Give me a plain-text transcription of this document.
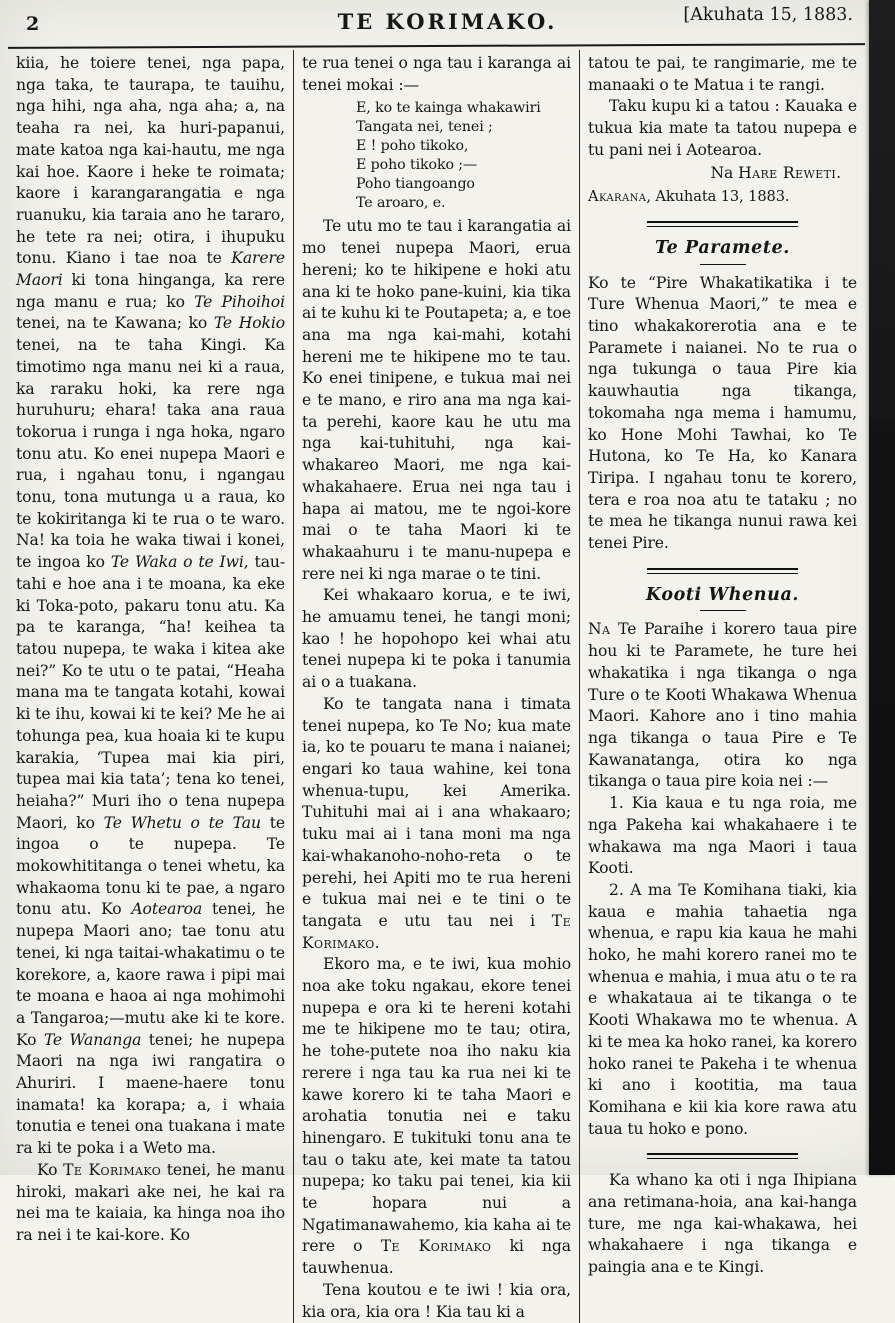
2	TE KORIMAKO.	[Akuhata 15, 1883.

kiia, he toiere tenei, nga papa, nga taka, te taurapa, te tauihu, nga hihi, nga aha, nga aha; a, na teaha ra nei, ka huri-papanui, mate katoa nga kai-hautu, me nga kai hoe. Kaore i heke te roimata; kaore i karangarangatia e nga ruanuku, kia taraia ano he tararo, he tete ra nei; otira, i ihupuku tonu. Kiano i tae noa te Karere Maori ki tona hinganga, ka rere nga manu e rua; ko Te Pihoihoi tenei, na te Kawana; ko Te Hokio tenei, na te taha Kingi. Ka timotimo nga manu nei ki a raua, ka raraku hoki, ka rere nga huruhuru; ehara! taka ana raua tokorua i runga i nga hoka, ngaro tonu atu. Ko enei nupepa Maori e rua, i ngahau tonu, i ngangau tonu, tona mutunga u a raua, ko te kokiritanga ki te rua o te waro. Na! ka toia he waka tiwai i konei, te ingoa ko Te Waka o te Iwi, tau-tahi e hoe ana i te moana, ka eke ki Toka-poto, pakaru tonu atu. Ka pa te karanga, “ha! keihea ta tatou nupepa, te waka i kitea ake nei?” Ko te utu o te patai, “Heaha mana ma te tangata kotahi, kowai ki te ihu, kowai ki te kei? Me he ai tohunga pea, kua hoaia ki te kupu karakia, ‘Tupea mai kia piri, tupea mai kia tata’; tena ko tenei, heiaha?” Muri iho o tena nupepa Maori, ko Te Whetu o te Tau te ingoa o te nupepa. Te mokowhititanga o tenei whetu, ka whakaoma tonu ki te pae, a ngaro tonu atu. Ko Aotearoa tenei, he nupepa Maori ano; tae tonu atu tenei, ki nga taitai-whakatimu o te korekore, a, kaore rawa i pipi mai te moana e haoa ai nga mohimohi a Tangaroa;—mutu ake ki te kore. Ko Te Wananga tenei; he nupepa Maori na nga iwi rangatira o Ahuriri. I maene-haere tonu inamata! ka korapa; a, i whaia tonutia e tenei ona tuakana i mate ra ki te poka i a Weto ma.

Ko Te Korimako tenei, he manu hiroki, makari ake nei, he kai ra nei ma te kaiaia, ka hinga noa iho ra nei i te kai-kore. Ko

te rua tenei o nga tau i karanga ai tenei mokai :—

E, ko te kainga whakawiri
Tangata nei, tenei ;
E ! poho tikoko,
E poho tikoko ;—
Poho tiangoango
Te aroaro, e.

Te utu mo te tau i karangatia ai mo tenei nupepa Maori, erua hereni; ko te hikipene e hoki atu ana ki te hoko pane-kuini, kia tika ai te kuhu ki te Poutapeta; a, e toe ana ma nga kai-mahi, kotahi hereni me te hikipene mo te tau. Ko enei tinipene, e tukua mai nei e te mano, e riro ana ma nga kai-ta perehi, kaore kau he utu ma nga kai-tuhituhi, nga kai-whakareo Maori, me nga kai-whakahaere. Erua nei nga tau i hapa ai matou, me te ngoi-kore mai o te taha Maori ki te whakaahuru i te manu-nupepa e rere nei ki nga marae o te tini.

Kei whakaaro korua, e te iwi, he amuamu tenei, he tangi moni; kao ! he hopohopo kei whai atu tenei nupepa ki te poka i tanumia ai o a tuakana.

Ko te tangata nana i timata tenei nupepa, ko Te No; kua mate ia, ko te pouaru te mana i naianei; engari ko taua wahine, kei tona whenua-tupu, kei Amerika. Tuhituhi mai ai i ana whakaaro; tuku mai ai i tana moni ma nga kai-whakanoho-noho-reta o te perehi, hei Apiti mo te rua hereni e tukua mai nei e te tini o te tangata e utu tau nei i Te Korimako.

Ekoro ma, e te iwi, kua mohio noa ake toku ngakau, ekore tenei nupepa e ora ki te hereni kotahi me te hikipene mo te tau; otira, he tohe-putete noa iho naku kia rerere i nga tau ka rua nei ki te kawe korero ki te taha Maori e arohatia tonutia nei e taku hinengaro. E tukituki tonu ana te tau o taku ate, kei mate ta tatou nupepa; ko taku pai tenei, kia kii te hopara nui a Ngatimanawahemo, kia kaha ai te rere o Te Korimako ki nga tauwhenua.

Tena koutou e te iwi ! kia ora, kia ora, kia ora ! Kia tau ki a

tatou te pai, te rangimarie, me te manaaki o te Matua i te rangi.

Taku kupu ki a tatou : Kauaka e tukua kia mate ta tatou nupepa e tu pani nei i Aotearoa.

Na Hare Reweti.

Akarana, Akuhata 13, 1883.

Te Paramete.

Ko te “Pire Whakatikatika i te Ture Whenua Maori,” te mea e tino whakakorerotia ana e te Paramete i naianei. No te rua o nga tukunga o taua Pire kia kauwhautia nga tikanga, tokomaha nga mema i hamumu, ko Hone Mohi Tawhai, ko Te Hutona, ko Te Ha, ko Kanara Tiripa. I ngahau tonu te korero, tera e roa noa atu te tataku ; no te mea he tikanga nunui rawa kei tenei Pire.

Kooti Whenua.

Na Te Paraihe i korero taua pire hou ki te Paramete, he ture hei whakatika i nga tikanga o nga Ture o te Kooti Whakawa Whenua Maori. Kahore ano i tino mahia nga tikanga o taua Pire e Te Kawanatanga, otira ko nga tikanga o taua pire koia nei :—

1. Kia kaua e tu nga roia, me nga Pakeha kai whakahaere i te whakawa ma nga Maori i taua Kooti.

2. A ma Te Komihana tiaki, kia kaua e mahia tahaetia nga whenua, e rapu kia kaua he mahi hoko, he mahi korero ranei mo te whenua e mahia, i mua atu o te ra e whakataua ai te tikanga o te Kooti Whakawa mo te whenua. A ki te mea ka hoko ranei, ka korero hoko ranei te Pakeha i te whenua ki ano i kootitia, ma taua Komihana e kii kia kore rawa atu taua tu hoko e pono.

Ka whano ka oti i nga Ihipiana ana retimana-hoia, ana kai-hanga ture, me nga kai-whakawa, hei whakahaere i nga tikanga e paingia ana e te Kingi.
